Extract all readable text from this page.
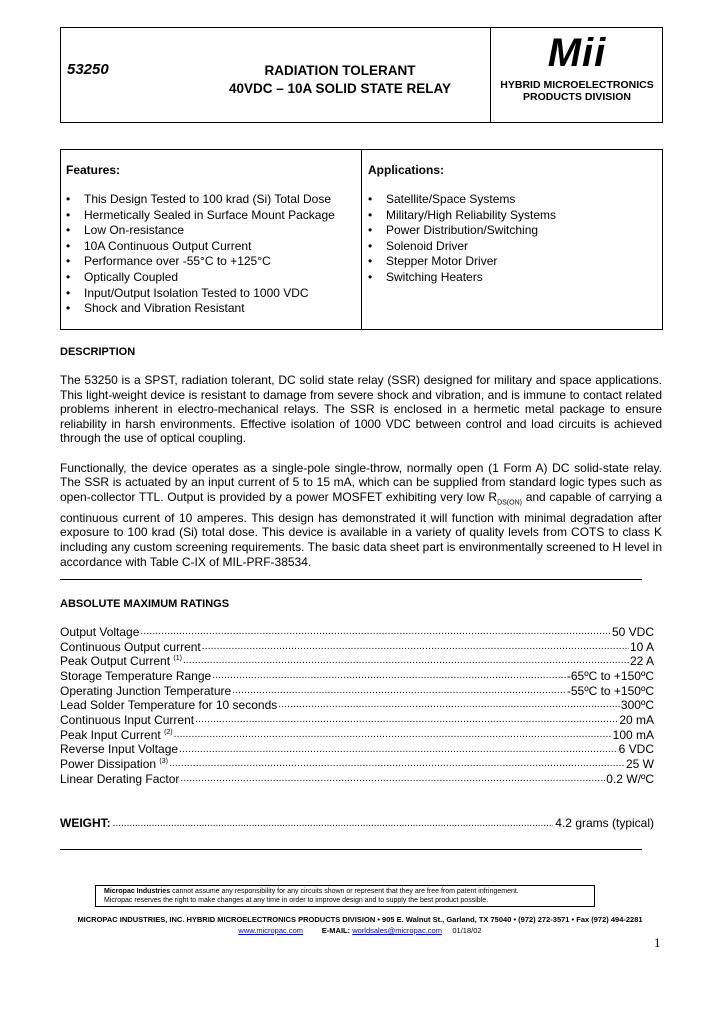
53250	RADIATION TOLERANT
40VDC – 10A SOLID STATE RELAY
Mii
HYBRID MICROELECTRONICS
PRODUCTS DIVISION
Features:
• This Design Tested to 100 krad (Si) Total Dose
• Hermetically Sealed in Surface Mount Package
• Low On-resistance
• 10A Continuous Output Current
• Performance over -55°C to +125°C
• Optically Coupled
• Input/Output Isolation Tested to 1000 VDC
• Shock and Vibration Resistant
Applications:
• Satellite/Space Systems
• Military/High Reliability Systems
• Power Distribution/Switching
• Solenoid Driver
• Stepper Motor Driver
• Switching Heaters
DESCRIPTION

The 53250 is a SPST, radiation tolerant, DC solid state relay (SSR) designed for military and space applications. This light-weight device is resistant to damage from severe shock and vibration, and is immune to contact related problems inherent in electro-mechanical relays. The SSR is enclosed in a hermetic metal package to ensure reliability in harsh environments. Effective isolation of 1000 VDC between control and load circuits is achieved through the use of optical coupling.

Functionally, the device operates as a single-pole single-throw, normally open (1 Form A) DC solid-state relay. The SSR is actuated by an input current of 5 to 15 mA, which can be supplied from standard logic types such as open-collector TTL. Output is provided by a power MOSFET exhibiting very low $R_{DS(ON)}$ and capable of carrying a continuous current of 10 amperes. This design has demonstrated it will function with minimal degradation after exposure to 100 krad (Si) total dose. This device is available in a variety of quality levels from COTS to class K including any custom screening requirements. The basic data sheet part is environmentally screened to H level in accordance with Table C-IX of MIL-PRF-38534.

ABSOLUTE MAXIMUM RATINGS
Output Voltage .....	50 VDC
Continuous Output current .....	10 A
Peak Output Current $^{(1)}$ .....	22 A
Storage Temperature Range .....	-65ºC to +150ºC
Operating Junction Temperature .....	-55ºC to +150ºC
Lead Solder Temperature for 10 seconds .....	300ºC
Continuous Input Current .....	20 mA
Peak Input Current $^{(2)}$ .....	100 mA
Reverse Input Voltage .....	6 VDC
Power Dissipation $^{(3)}$ .....	25 W
Linear Derating Factor .....	0.2 W/ºC
WEIGHT: .....	4.2 grams (typical)
Micropac Industries cannot assume any responsibility for any circuits shown or represent that they are free from patent infringement.
Micropac reserves the right to make changes at any time in order to improve design and to supply the best product possible.
MICROPAC INDUSTRIES, INC. HYBRID MICROELECTRONICS PRODUCTS DIVISION • 905 E. Walnut St., Garland, TX 75040 • (972) 272-3571 • Fax (972) 494-2281
www.micropac.com	E-MAIL: worldsales@micropac.com 01/18/02
1
